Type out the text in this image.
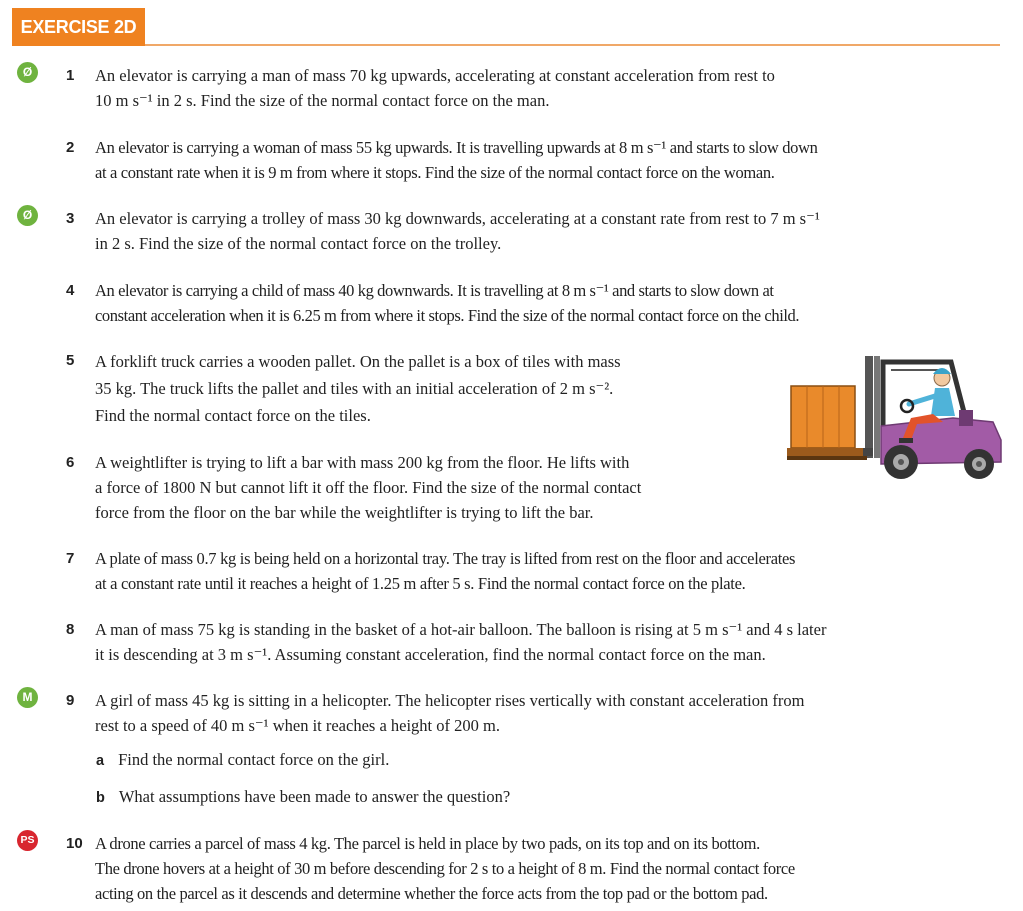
EXERCISE 2D
Ø	1 An elevator is carrying a man of mass 70 kg upwards, accelerating at constant acceleration from rest to
10 m s⁻¹ in 2 s. Find the size of the normal contact force on the man.
2 An elevator is carrying a woman of mass 55 kg upwards. It is travelling upwards at 8 m s⁻¹ and starts to slow down
at a constant rate when it is 9 m from where it stops. Find the size of the normal contact force on the woman.
Ø	3 An elevator is carrying a trolley of mass 30 kg downwards, accelerating at a constant rate from rest to 7 m s⁻¹
in 2 s. Find the size of the normal contact force on the trolley.
4 An elevator is carrying a child of mass 40 kg downwards. It is travelling at 8 m s⁻¹ and starts to slow down at
constant acceleration when it is 6.25 m from where it stops. Find the size of the normal contact force on the child.
5 A forklift truck carries a wooden pallet. On the pallet is a box of tiles with mass
35 kg. The truck lifts the pallet and tiles with an initial acceleration of 2 m s⁻².
Find the normal contact force on the tiles.
6 A weightlifter is trying to lift a bar with mass 200 kg from the floor. He lifts with
a force of 1800 N but cannot lift it off the floor. Find the size of the normal contact
force from the floor on the bar while the weightlifter is trying to lift the bar.
7 A plate of mass 0.7 kg is being held on a horizontal tray. The tray is lifted from rest on the floor and accelerates
at a constant rate until it reaches a height of 1.25 m after 5 s. Find the normal contact force on the plate.
8 A man of mass 75 kg is standing in the basket of a hot-air balloon. The balloon is rising at 5 m s⁻¹ and 4 s later
it is descending at 3 m s⁻¹. Assuming constant acceleration, find the normal contact force on the man.
M	9 A girl of mass 45 kg is sitting in a helicopter. The helicopter rises vertically with constant acceleration from
rest to a speed of 40 m s⁻¹ when it reaches a height of 200 m.
a Find the normal contact force on the girl.
b What assumptions have been made to answer the question?
PS 10 A drone carries a parcel of mass 4 kg. The parcel is held in place by two pads, on its top and on its bottom.
The drone hovers at a height of 30 m before descending for 2 s to a height of 8 m. Find the normal contact force
acting on the parcel as it descends and determine whether the force acts from the top pad or the bottom pad.
